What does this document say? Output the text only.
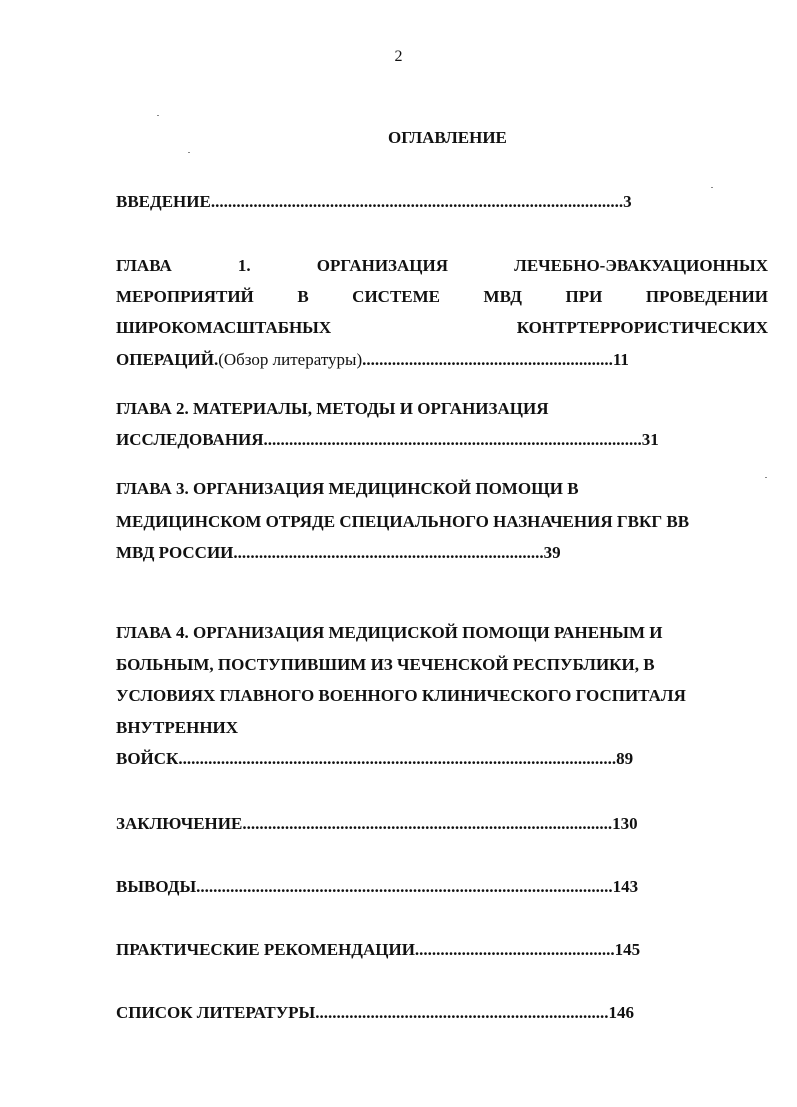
2
ОГЛАВЛЕНИЕ
ВВЕДЕНИЕ.................................................................................................3
ГЛАВА	1.	ОРГАНИЗАЦИЯ	ЛЕЧЕБНО-ЭВАКУАЦИОННЫХ
МЕРОПРИЯТИЙ	В	СИСТЕМЕ	МВД	ПРИ	ПРОВЕДЕНИИ
ШИРОКОМАСШТАБНЫХ	КОНТРТЕРРОРИСТИЧЕСКИХ
ОПЕРАЦИЙ.(Обзор литературы)...........................................................11
ГЛАВА 2. МАТЕРИАЛЫ, МЕТОДЫ И ОРГАНИЗАЦИЯ
ИССЛЕДОВАНИЯ.........................................................................................31
ГЛАВА 3. ОРГАНИЗАЦИЯ МЕДИЦИНСКОЙ ПОМОЩИ В
МЕДИЦИНСКОМ ОТРЯДЕ СПЕЦИАЛЬНОГО НАЗНАЧЕНИЯ ГВКГ ВВ
МВД РОССИИ.........................................................................39
ГЛАВА 4. ОРГАНИЗАЦИЯ МЕДИЦИСКОЙ ПОМОЩИ РАНЕНЫМ И
БОЛЬНЫМ, ПОСТУПИВШИМ ИЗ ЧЕЧЕНСКОЙ РЕСПУБЛИКИ, В
УСЛОВИЯХ ГЛАВНОГО ВОЕННОГО КЛИНИЧЕСКОГО ГОСПИТАЛЯ
ВНУТРЕННИХ
ВОЙСК.......................................................................................................89
ЗАКЛЮЧЕНИЕ.......................................................................................130
ВЫВОДЫ..................................................................................................143
ПРАКТИЧЕСКИЕ РЕКОМЕНДАЦИИ...............................................145
СПИСОК ЛИТЕРАТУРЫ.....................................................................146
